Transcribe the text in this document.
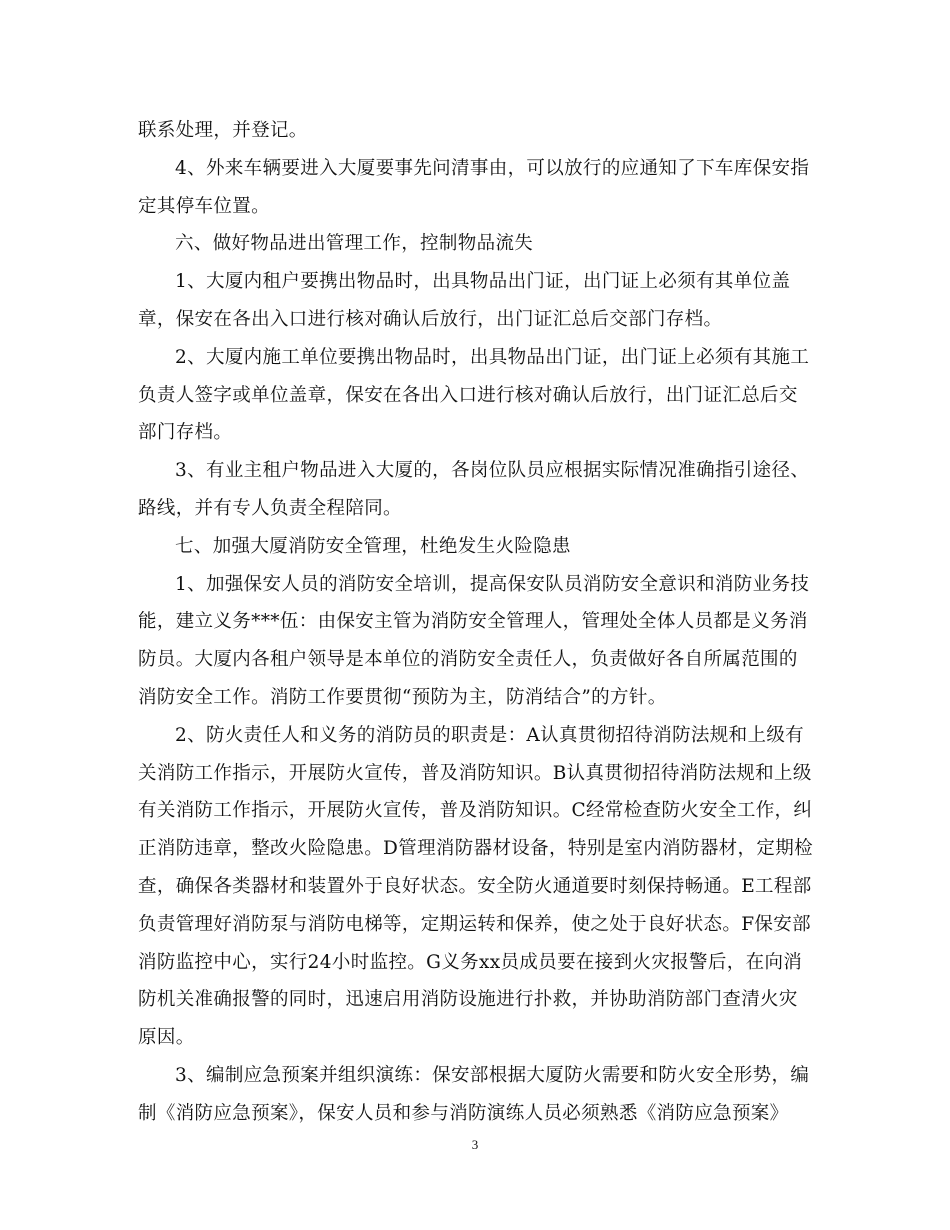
联系处理，并登记。
4、外来车辆要进入大厦要事先问清事由，可以放行的应通知了下车库保安指
定其停车位置。
六、做好物品进出管理工作，控制物品流失
1、大厦内租户要携出物品时，出具物品出门证，出门证上必须有其单位盖
章，保安在各出入口进行核对确认后放行，出门证汇总后交部门存档。
2、大厦内施工单位要携出物品时，出具物品出门证，出门证上必须有其施工
负责人签字或单位盖章，保安在各出入口进行核对确认后放行，出门证汇总后交
部门存档。
3、有业主租户物品进入大厦的，各岗位队员应根据实际情况准确指引途径、
路线，并有专人负责全程陪同。
七、加强大厦消防安全管理，杜绝发生火险隐患
1、加强保安人员的消防安全培训，提高保安队员消防安全意识和消防业务技
能，建立义务***伍：由保安主管为消防安全管理人，管理处全体人员都是义务消
防员。大厦内各租户领导是本单位的消防安全责任人，负责做好各自所属范围的
消防安全工作。消防工作要贯彻“预防为主，防消结合”的方针。
2、防火责任人和义务的消防员的职责是：A认真贯彻招待消防法规和上级有
关消防工作指示，开展防火宣传，普及消防知识。B认真贯彻招待消防法规和上级
有关消防工作指示，开展防火宣传，普及消防知识。C经常检查防火安全工作，纠
正消防违章，整改火险隐患。D管理消防器材设备，特别是室内消防器材，定期检
查，确保各类器材和装置外于良好状态。安全防火通道要时刻保持畅通。E工程部
负责管理好消防泵与消防电梯等，定期运转和保养，使之处于良好状态。F保安部
消防监控中心，实行24小时监控。G义务xx员成员要在接到火灾报警后，在向消
防机关准确报警的同时，迅速启用消防设施进行扑救，并协助消防部门查清火灾
原因。
3、编制应急预案并组织演练：保安部根据大厦防火需要和防火安全形势，编
制《消防应急预案》，保安人员和参与消防演练人员必须熟悉《消防应急预案》
3
